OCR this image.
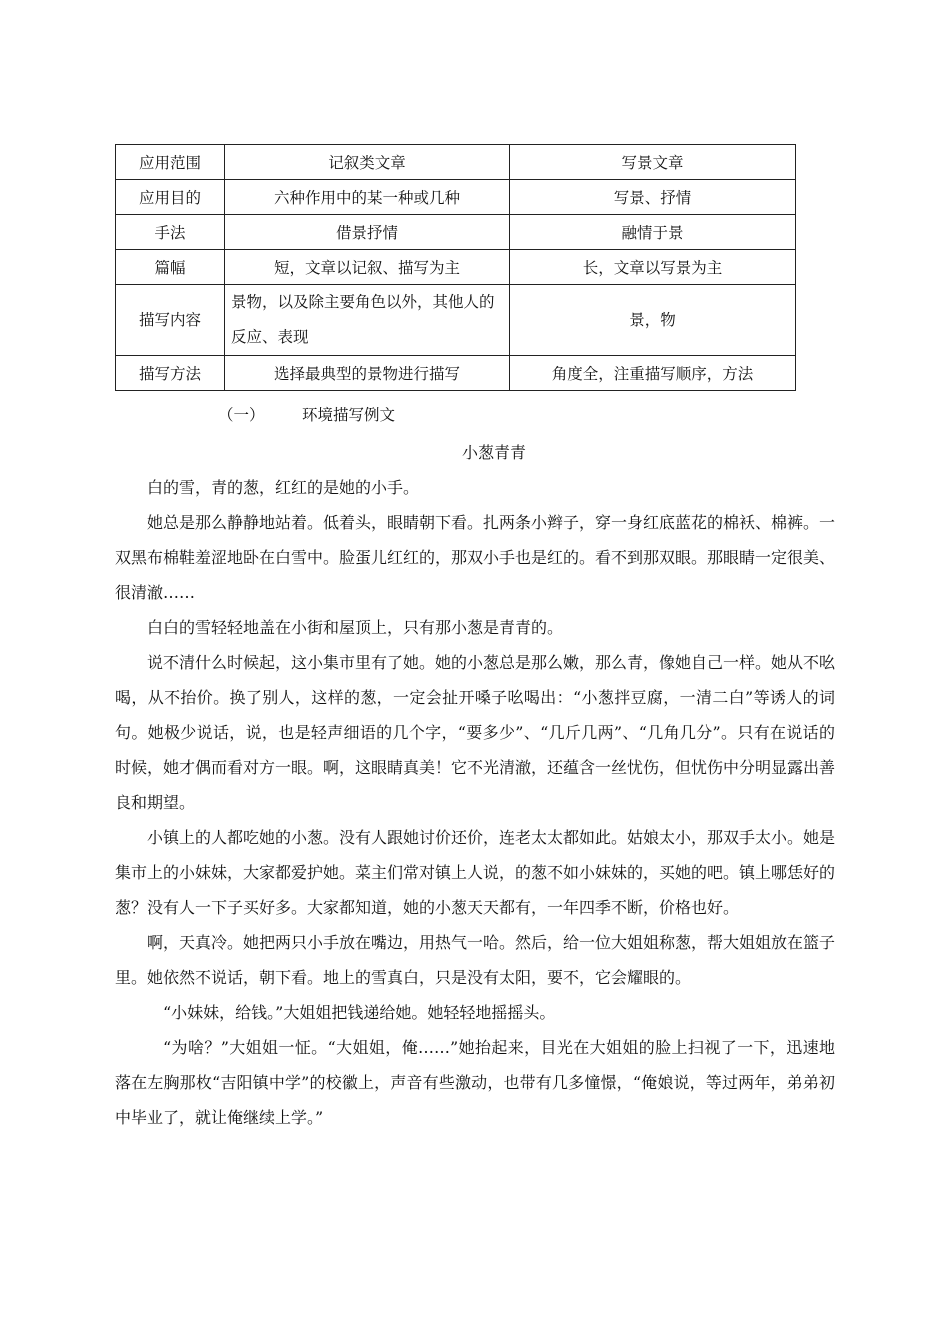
应用范围	记叙类文章	写景文章
应用目的	六种作用中的某一种或几种	写景、抒情
手法	借景抒情	融情于景
篇幅	短，文章以记叙、描写为主	长，文章以写景为主
描写内容	景物，以及除主要角色以外，其他人的反应、表现	景，物
描写方法	选择最典型的景物进行描写	角度全，注重描写顺序，方法
（一） 环境描写例文
小葱青青

白的雪，青的葱，红红的是她的小手。

她总是那么静静地站着。低着头，眼睛朝下看。扎两条小辫子，穿一身红底蓝花的棉袄、棉裤。一双黑布棉鞋羞涩地卧在白雪中。脸蛋儿红红的，那双小手也是红的。看不到那双眼。那眼睛一定很美、很清澈……

白白的雪轻轻地盖在小街和屋顶上，只有那小葱是青青的。

说不清什么时候起，这小集市里有了她。她的小葱总是那么嫩，那么青，像她自己一样。她从不吆喝，从不抬价。换了别人，这样的葱，一定会扯开嗓子吆喝出：“小葱拌豆腐，一清二白”等诱人的词句。她极少说话，说，也是轻声细语的几个字，“要多少”、“几斤几两”、“几角几分”。只有在说话的时候，她才偶而看对方一眼。啊，这眼睛真美！它不光清澈，还蕴含一丝忧伤，但忧伤中分明显露出善良和期望。

小镇上的人都吃她的小葱。没有人跟她讨价还价，连老太太都如此。姑娘太小，那双手太小。她是集市上的小妹妹，大家都爱护她。菜主们常对镇上人说，的葱不如小妹妹的，买她的吧。镇上哪恁好的葱？没有人一下子买好多。大家都知道，她的小葱天天都有，一年四季不断，价格也好。

啊，天真冷。她把两只小手放在嘴边，用热气一哈。然后，给一位大姐姐称葱，帮大姐姐放在篮子里。她依然不说话，朝下看。地上的雪真白，只是没有太阳，要不，它会耀眼的。

“小妹妹，给钱。”大姐姐把钱递给她。她轻轻地摇摇头。

“为啥？”大姐姐一怔。“大姐姐，俺……”她抬起来，目光在大姐姐的脸上扫视了一下，迅速地落在左胸那枚“吉阳镇中学”的校徽上，声音有些激动，也带有几多憧憬，“俺娘说，等过两年，弟弟初中毕业了，就让俺继续上学。”
